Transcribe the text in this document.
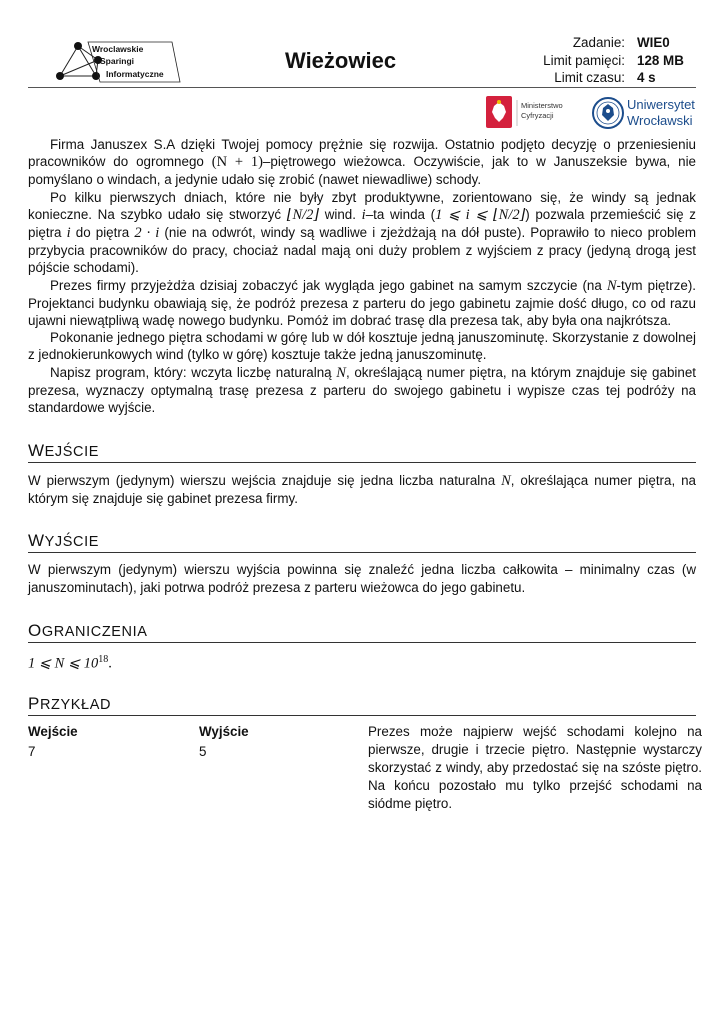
Wroclawskie
Sparingi
Informatyczne
Wieżowiec
Zadanie: WIE0
Limit pamięci: 128 MB
Limit czasu: 4 s
Ministerstwo
Cyfryzacji
Uniwersytet
Wrocławski

Firma Januszex S.A dzięki Twojej pomocy prężnie się rozwija. Ostatnio podjęto decyzję o przeniesieniu pracowników do ogromnego (N + 1)–piętrowego wieżowca. Oczywiście, jak to w Januszeksie bywa, nie pomyślano o windach, a jedynie udało się zrobić (nawet niewadliwe) schody.

Po kilku pierwszych dniach, które nie były zbyt produktywne, zorientowano się, że windy są jednak konieczne. Na szybko udało się stworzyć ⌊N/2⌋ wind. i–ta winda (1 ⩽ i ⩽ ⌊N/2⌋) pozwala przemieścić się z piętra i do piętra 2 · i (nie na odwrót, windy są wadliwe i zjeżdżają na dół puste). Poprawiło to nieco problem przybycia pracowników do pracy, chociaż nadal mają oni duży problem z wyjściem z pracy (jedyną drogą jest pójście schodami).

Prezes firmy przyjeżdża dzisiaj zobaczyć jak wygląda jego gabinet na samym szczycie (na N-tym piętrze). Projektanci budynku obawiają się, że podróż prezesa z parteru do jego gabinetu zajmie dość długo, co od razu ujawni niewątpliwą wadę nowego budynku. Pomóż im dobrać trasę dla prezesa tak, aby była ona najkrótsza.

Pokonanie jednego piętra schodami w górę lub w dół kosztuje jedną januszominutę. Skorzystanie z dowolnej z jednokierunkowych wind (tylko w górę) kosztuje także jedną januszominutę.

Napisz program, który: wczyta liczbę naturalną N, określającą numer piętra, na którym znajduje się gabinet prezesa, wyznaczy optymalną trasę prezesa z parteru do swojego gabinetu i wypisze czas tej podróży na standardowe wyjście.

WEJŚCIE

W pierwszym (jedynym) wierszu wejścia znajduje się jedna liczba naturalna N, określająca numer piętra, na którym się znajduje się gabinet prezesa firmy.

WYJŚCIE

W pierwszym (jedynym) wierszu wyjścia powinna się znaleźć jedna liczba całkowita – minimalny czas (w januszominutach), jaki potrwa podróż prezesa z parteru wieżowca do jego gabinetu.

OGRANICZENIA

1 ⩽ N ⩽ $10^{18}$.

PRZYKŁAD
Wejście	Wyjście
7	5

Prezes może najpierw wejść schodami kolejno na pierwsze, drugie i trzecie piętro. Następnie wystarczy skorzystać z windy, aby przedostać się na szóste piętro. Na końcu pozostało mu tylko przejść schodami na siódme piętro.
